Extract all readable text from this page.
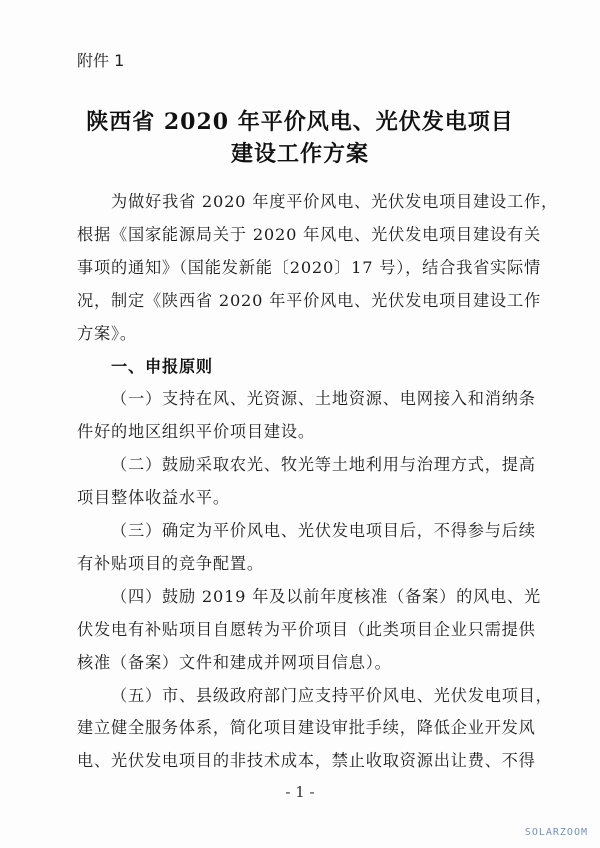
附件 1
陕西省 2020 年平价风电、光伏发电项目
建设工作方案
为做好我省 2020 年度平价风电、光伏发电项目建设工作，
根据《国家能源局关于 2020 年风电、光伏发电项目建设有关
事项的通知》（国能发新能〔2020〕17 号），结合我省实际情
况，制定《陕西省 2020 年平价风电、光伏发电项目建设工作
方案》。
一、申报原则
（一）支持在风、光资源、土地资源、电网接入和消纳条
件好的地区组织平价项目建设。
（二）鼓励采取农光、牧光等土地利用与治理方式，提高
项目整体收益水平。
（三）确定为平价风电、光伏发电项目后，不得参与后续
有补贴项目的竞争配置。
（四）鼓励 2019 年及以前年度核准（备案）的风电、光
伏发电有补贴项目自愿转为平价项目（此类项目企业只需提供
核准（备案）文件和建成并网项目信息）。
（五）市、县级政府部门应支持平价风电、光伏发电项目，
建立健全服务体系，简化项目建设审批手续，降低企业开发风
- 1 -
SOLARZOOM
电、光伏发电项目的非技术成本，禁止收取资源出让费、不得
